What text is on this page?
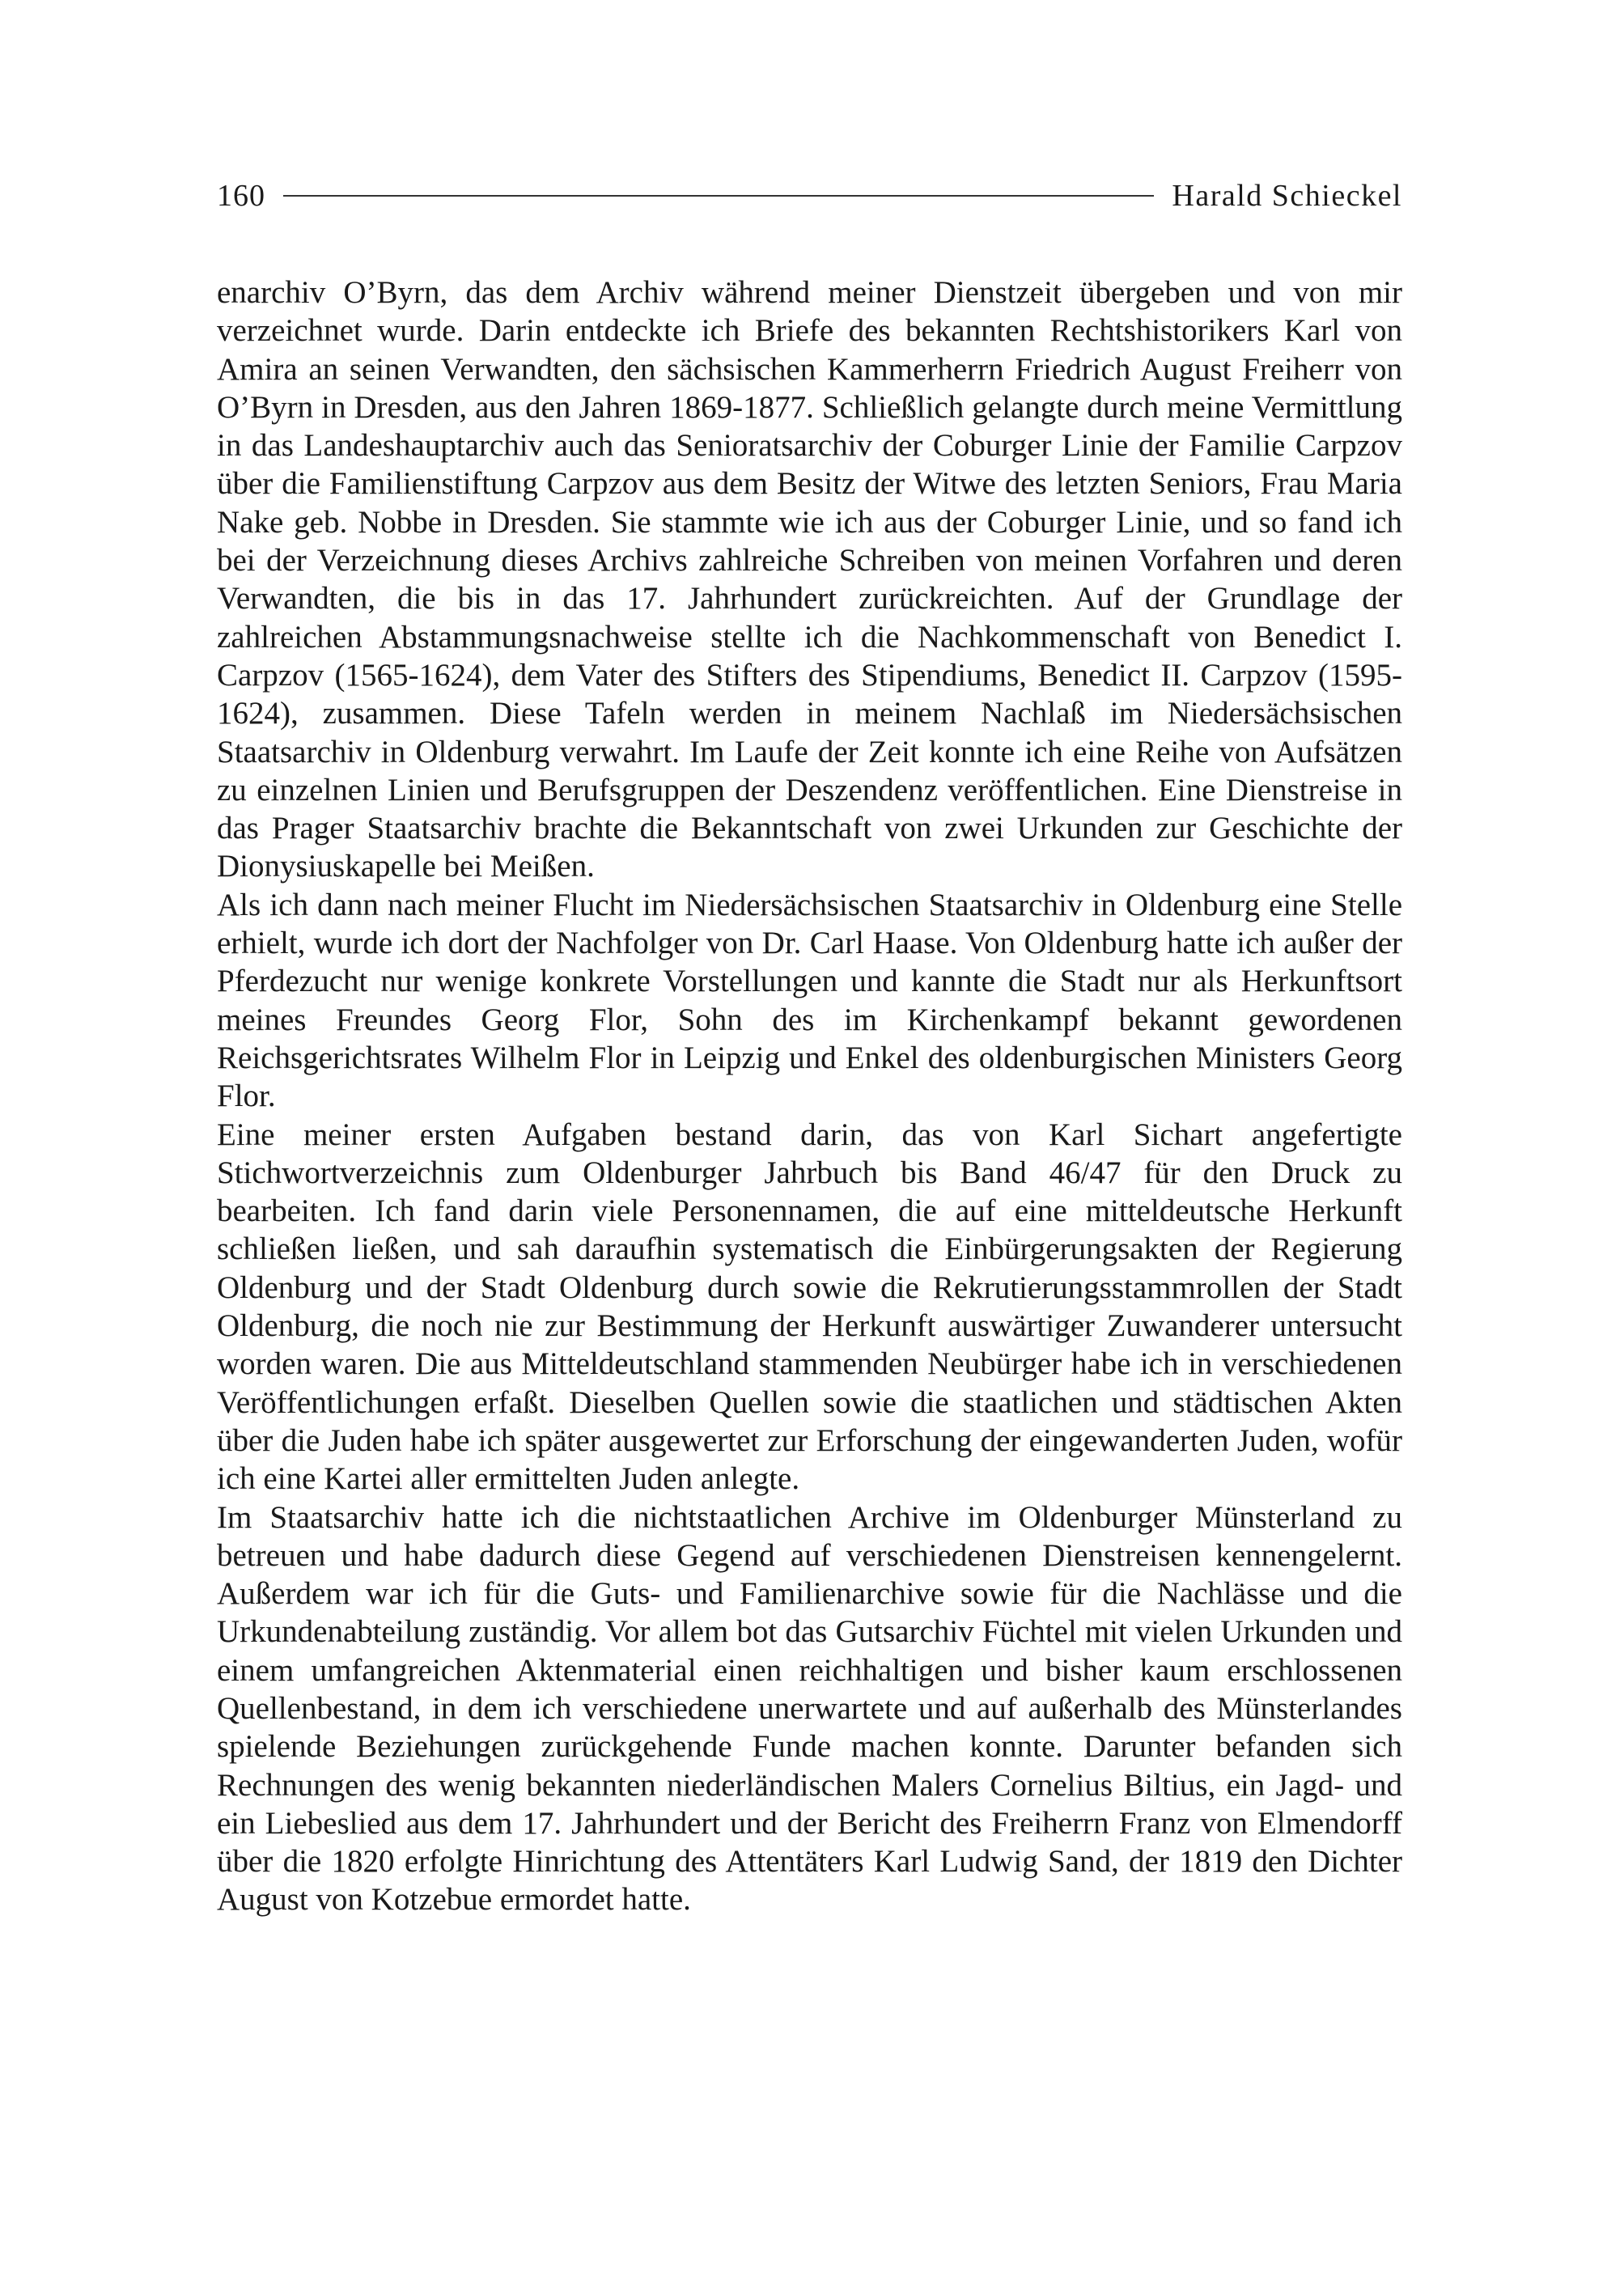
160	Harald Schieckel

enarchiv O’Byrn, das dem Archiv während meiner Dienstzeit übergeben und von mir verzeichnet wurde. Darin entdeckte ich Briefe des bekannten Rechtshistorikers Karl von Amira an seinen Verwandten, den sächsischen Kammerherrn Friedrich August Freiherr von O’Byrn in Dresden, aus den Jahren 1869-1877. Schließlich gelangte durch meine Vermittlung in das Landeshauptarchiv auch das Senioratsarchiv der Coburger Linie der Familie Carpzov über die Familienstiftung Carpzov aus dem Besitz der Witwe des letzten Seniors, Frau Maria Nake geb. Nobbe in Dresden. Sie stammte wie ich aus der Coburger Linie, und so fand ich bei der Verzeichnung dieses Archivs zahlreiche Schreiben von meinen Vorfahren und deren Verwandten, die bis in das 17. Jahrhundert zurückreichten. Auf der Grundlage der zahlreichen Abstammungsnachweise stellte ich die Nachkommenschaft von Benedict I. Carpzov (1565-1624), dem Vater des Stifters des Stipendiums, Benedict II. Carpzov (1595-1624), zusammen. Diese Tafeln werden in meinem Nachlaß im Niedersächsischen Staatsarchiv in Oldenburg verwahrt. Im Laufe der Zeit konnte ich eine Reihe von Aufsätzen zu einzelnen Linien und Berufsgruppen der Deszendenz veröffentlichen. Eine Dienstreise in das Prager Staatsarchiv brachte die Bekanntschaft von zwei Urkunden zur Geschichte der Dionysiuskapelle bei Meißen.

Als ich dann nach meiner Flucht im Niedersächsischen Staatsarchiv in Oldenburg eine Stelle erhielt, wurde ich dort der Nachfolger von Dr. Carl Haase. Von Oldenburg hatte ich außer der Pferdezucht nur wenige konkrete Vorstellungen und kannte die Stadt nur als Herkunftsort meines Freundes Georg Flor, Sohn des im Kirchenkampf bekannt gewordenen Reichsgerichtsrates Wilhelm Flor in Leipzig und Enkel des oldenburgischen Ministers Georg Flor.

Eine meiner ersten Aufgaben bestand darin, das von Karl Sichart angefertigte Stichwortverzeichnis zum Oldenburger Jahrbuch bis Band 46/47 für den Druck zu bearbeiten. Ich fand darin viele Personennamen, die auf eine mitteldeutsche Herkunft schließen ließen, und sah daraufhin systematisch die Einbürgerungsakten der Regierung Oldenburg und der Stadt Oldenburg durch sowie die Rekrutierungsstammrollen der Stadt Oldenburg, die noch nie zur Bestimmung der Herkunft auswärtiger Zuwanderer untersucht worden waren. Die aus Mitteldeutschland stammenden Neubürger habe ich in verschiedenen Veröffentlichungen erfaßt. Dieselben Quellen sowie die staatlichen und städtischen Akten über die Juden habe ich später ausgewertet zur Erforschung der eingewanderten Juden, wofür ich eine Kartei aller ermittelten Juden anlegte.

Im Staatsarchiv hatte ich die nichtstaatlichen Archive im Oldenburger Münsterland zu betreuen und habe dadurch diese Gegend auf verschiedenen Dienstreisen kennengelernt. Außerdem war ich für die Guts- und Familienarchive sowie für die Nachlässe und die Urkundenabteilung zuständig. Vor allem bot das Gutsarchiv Füchtel mit vielen Urkunden und einem umfangreichen Aktenmaterial einen reichhaltigen und bisher kaum erschlossenen Quellenbestand, in dem ich verschiedene unerwartete und auf außerhalb des Münsterlandes spielende Beziehungen zurückgehende Funde machen konnte. Darunter befanden sich Rechnungen des wenig bekannten niederländischen Malers Cornelius Biltius, ein Jagd- und ein Liebeslied aus dem 17. Jahrhundert und der Bericht des Freiherrn Franz von Elmendorff über die 1820 erfolgte Hinrichtung des Attentäters Karl Ludwig Sand, der 1819 den Dichter August von Kotzebue ermordet hatte.
